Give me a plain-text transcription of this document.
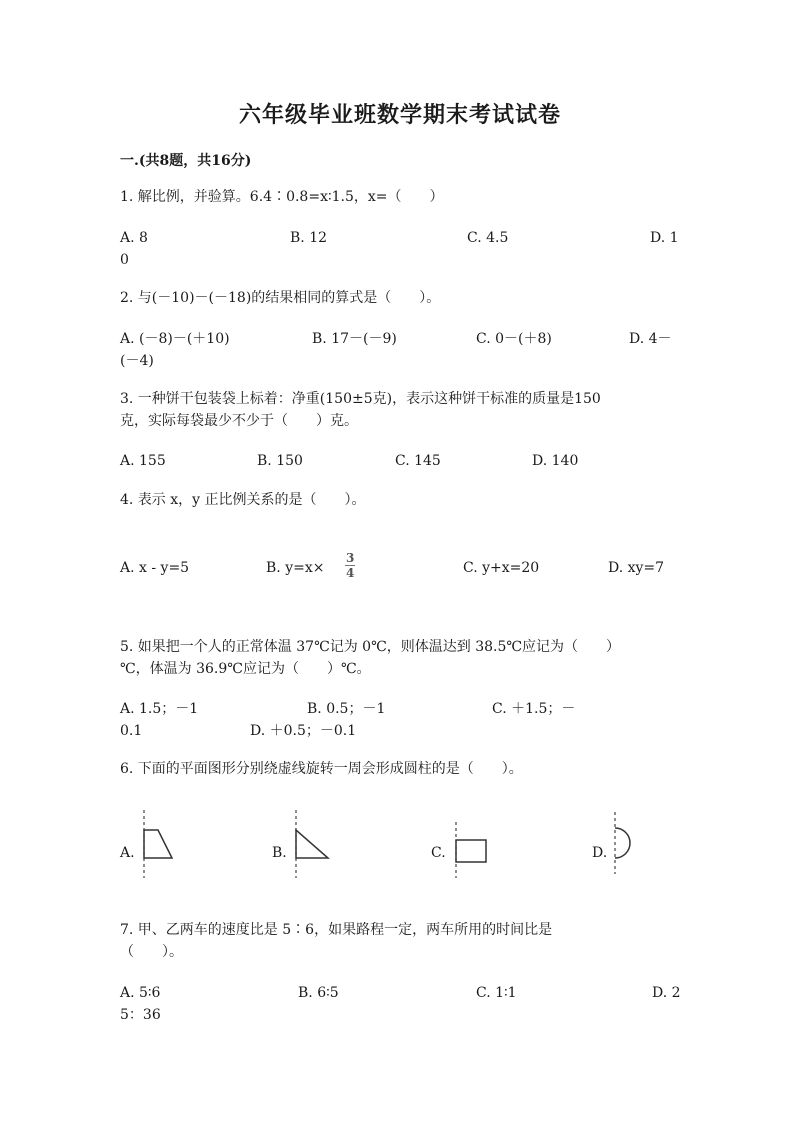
六年级毕业班数学期末考试试卷
一.(共8题，共16分)
1. 解比例，并验算。6.4∶0.8=x∶1.5，x=（　　）
A. 8	B. 12	C. 4.5	D. 1
0
2. 与(－10)－(－18)的结果相同的算式是（　　）。
A. (－8)－(＋10)	B. 17－(－9)	C. 0－(＋8)	D. 4－
(－4)
3. 一种饼干包装袋上标着：净重(150±5克)，表示这种饼干标准的质量是150
克，实际每袋最少不少于（　　）克。
A. 155	B. 150	C. 145	D. 140
4. 表示 x，y 正比例关系的是（　　）。
A. x - y=5	B. $y=x\times \frac{3}{4}$	C. y+x=20	D. xy=7
5. 如果把一个人的正常体温 37℃记为 0℃，则体温达到 38.5℃应记为（　　）
℃，体温为 36.9℃应记为（　　）℃。
A. 1.5；－1	B. 0.5；－1	C. ＋1.5；－
0.1	D. ＋0.5；－0.1
6. 下面的平面图形分别绕虚线旋转一周会形成圆柱的是（　　）。
A.	B.	C.	D.
7. 甲、乙两车的速度比是 5∶6，如果路程一定，两车所用的时间比是
（　　）。
A. 5∶6	B. 6∶5	C. 1∶1	D. 2
5：36
